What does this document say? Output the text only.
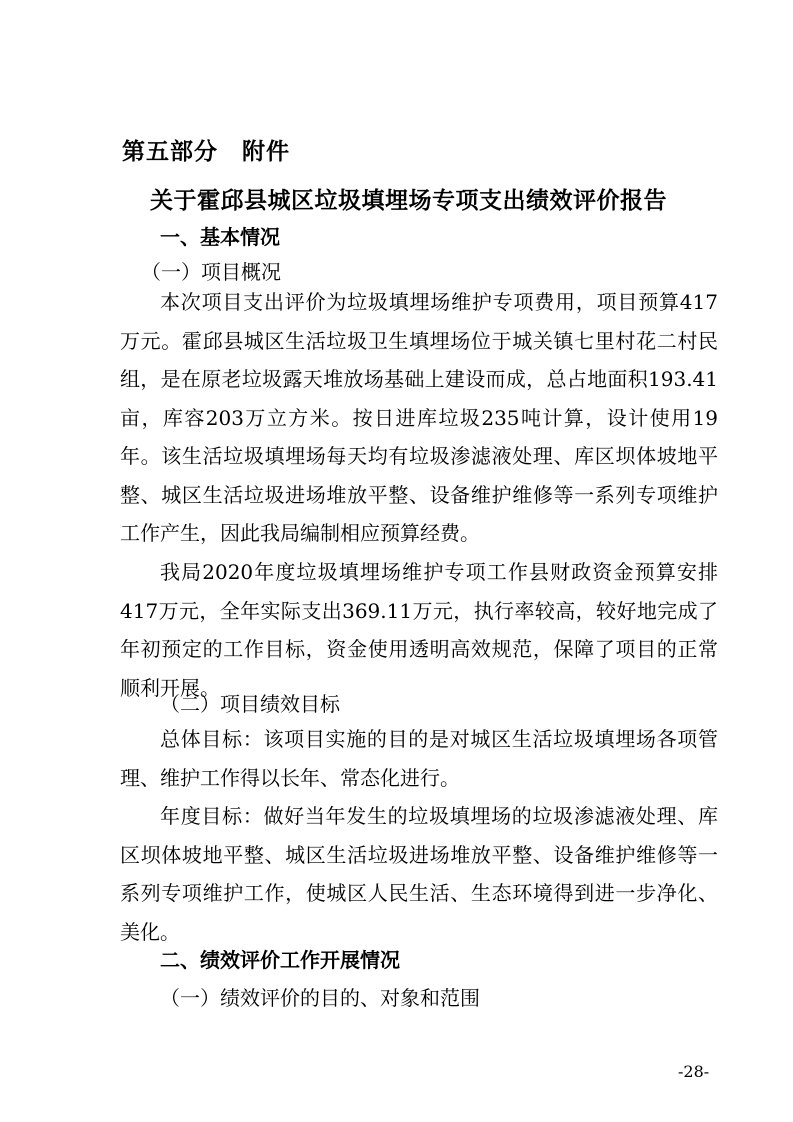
第五部分　附件
关于霍邱县城区垃圾填埋场专项支出绩效评价报告
一、基本情况
（一）项目概况

本次项目支出评价为垃圾填埋场维护专项费用，项目预算417万元。霍邱县城区生活垃圾卫生填埋场位于城关镇七里村花二村民组，是在原老垃圾露天堆放场基础上建设而成，总占地面积193.41亩，库容203万立方米。按日进库垃圾235吨计算，设计使用19年。该生活垃圾填埋场每天均有垃圾渗滤液处理、库区坝体坡地平整、城区生活垃圾进场堆放平整、设备维护维修等一系列专项维护工作产生，因此我局编制相应预算经费。

我局2020年度垃圾填埋场维护专项工作县财政资金预算安排417万元，全年实际支出369.11万元，执行率较高，较好地完成了年初预定的工作目标，资金使用透明高效规范，保障了项目的正常顺利开展。

（二）项目绩效目标

总体目标：该项目实施的目的是对城区生活垃圾填埋场各项管理、维护工作得以长年、常态化进行。

年度目标：做好当年发生的垃圾填埋场的垃圾渗滤液处理、库区坝体坡地平整、城区生活垃圾进场堆放平整、设备维护维修等一系列专项维护工作，使城区人民生活、生态环境得到进一步净化、美化。

二、绩效评价工作开展情况
（一）绩效评价的目的、对象和范围
-28-
